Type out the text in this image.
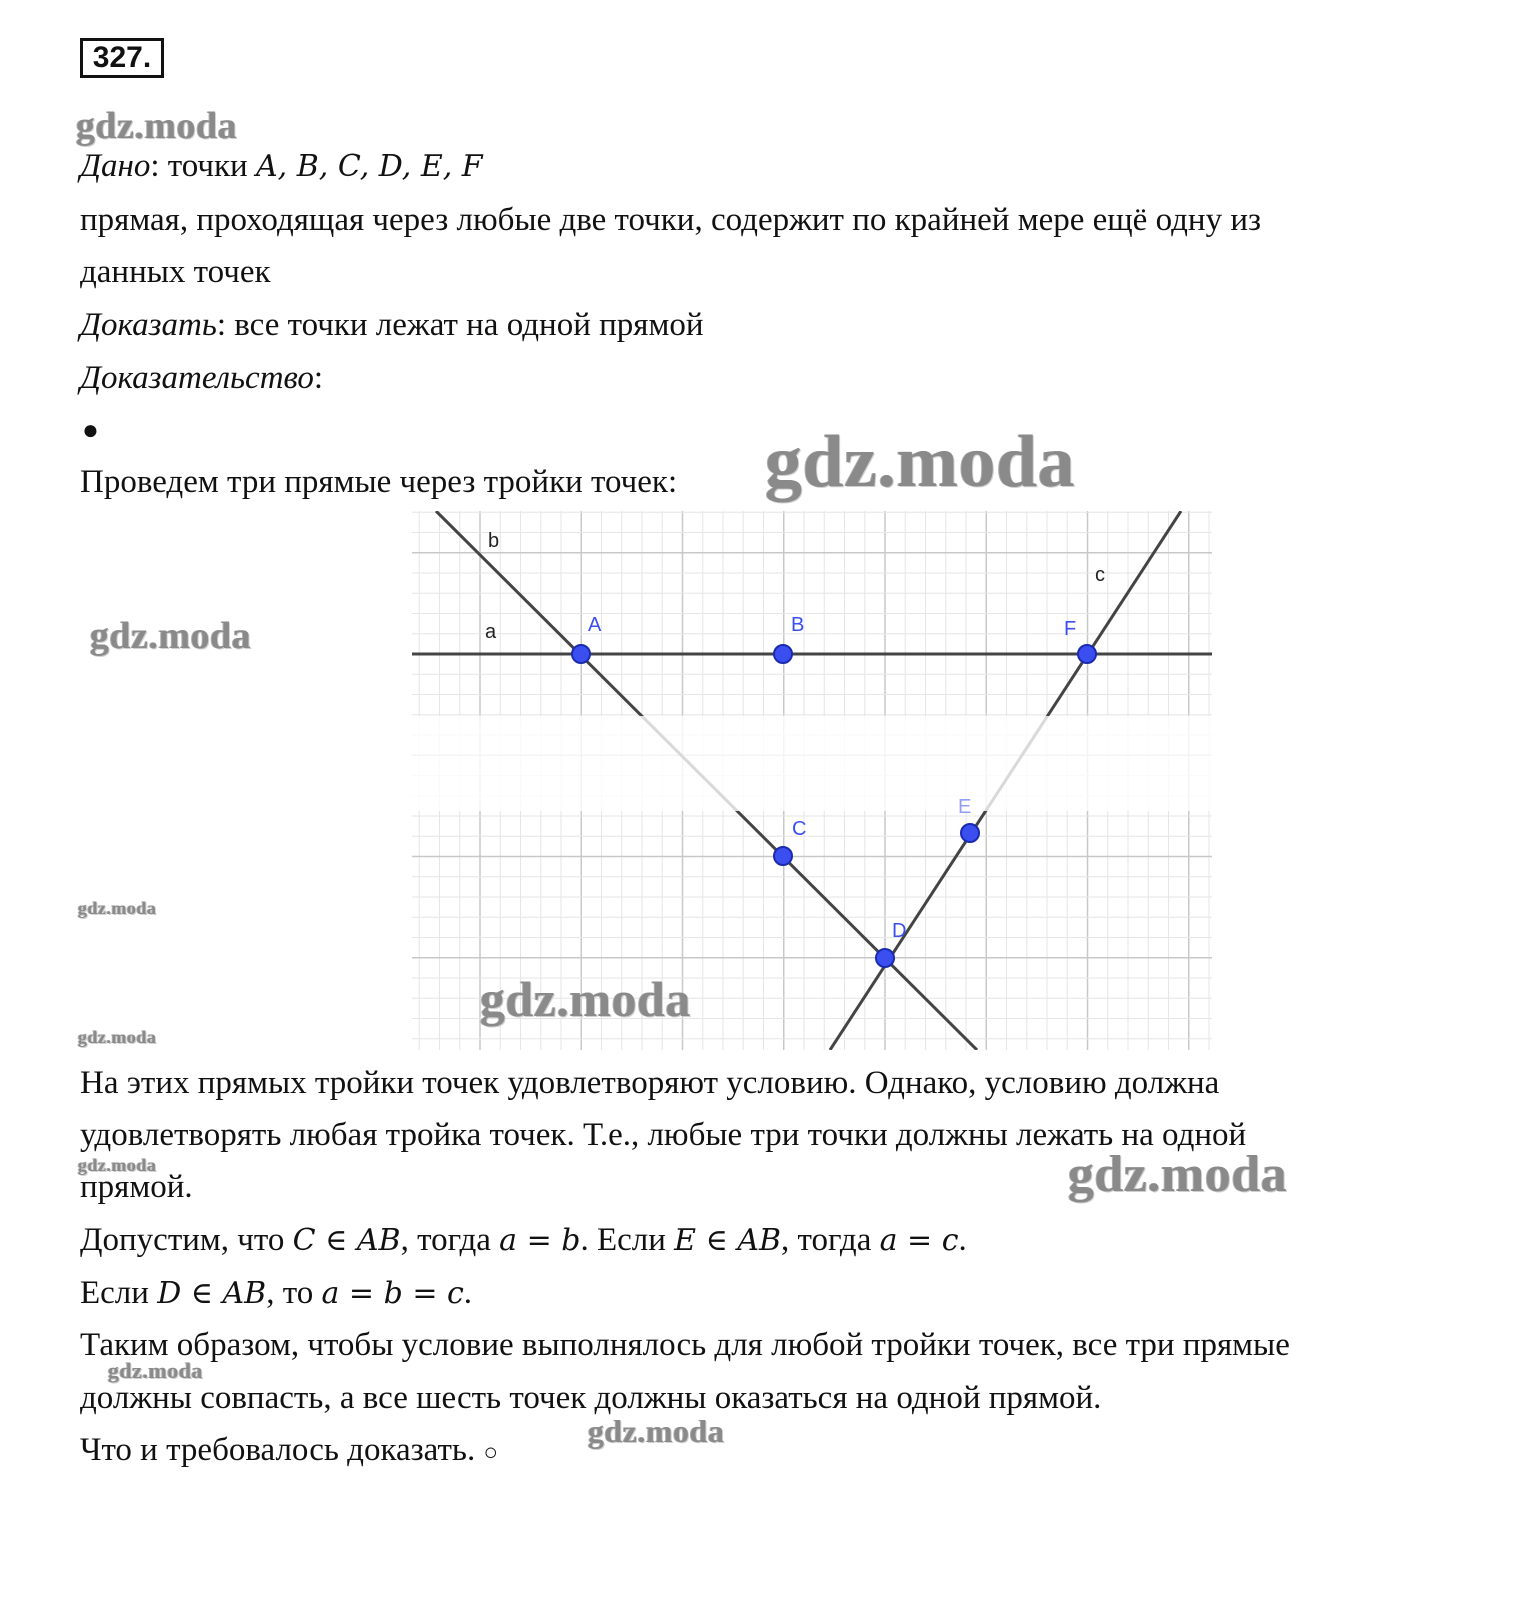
327.
gdz.moda
gdz.moda
gdz.moda
gdz.moda
gdz.moda
gdz.moda
gdz.moda	gdz.moda
gdz.moda
gdz.moda
Дано: точки A, B, C, D, E, F
прямая, проходящая через любые две точки, содержит по крайней мере ещё одну из
данных точек
Доказать: все точки лежат на одной прямой
Доказательство:
●
Проведем три прямые через тройки точек:
b
a
c
A	B	F
C
E
D
На этих прямых тройки точек удовлетворяют условию. Однако, условию должна
удовлетворять любая тройка точек. Т.е., любые три точки должны лежать на одной
прямой.
Допустим, что C ∈ AB, тогда a = b. Если E ∈ AB, тогда a = c.
Если D ∈ AB, то a = b = c.
Таким образом, чтобы условие выполнялось для любой тройки точек, все три прямые
должны совпасть, а все шесть точек должны оказаться на одной прямой.
Что и требовалось доказать. ○
